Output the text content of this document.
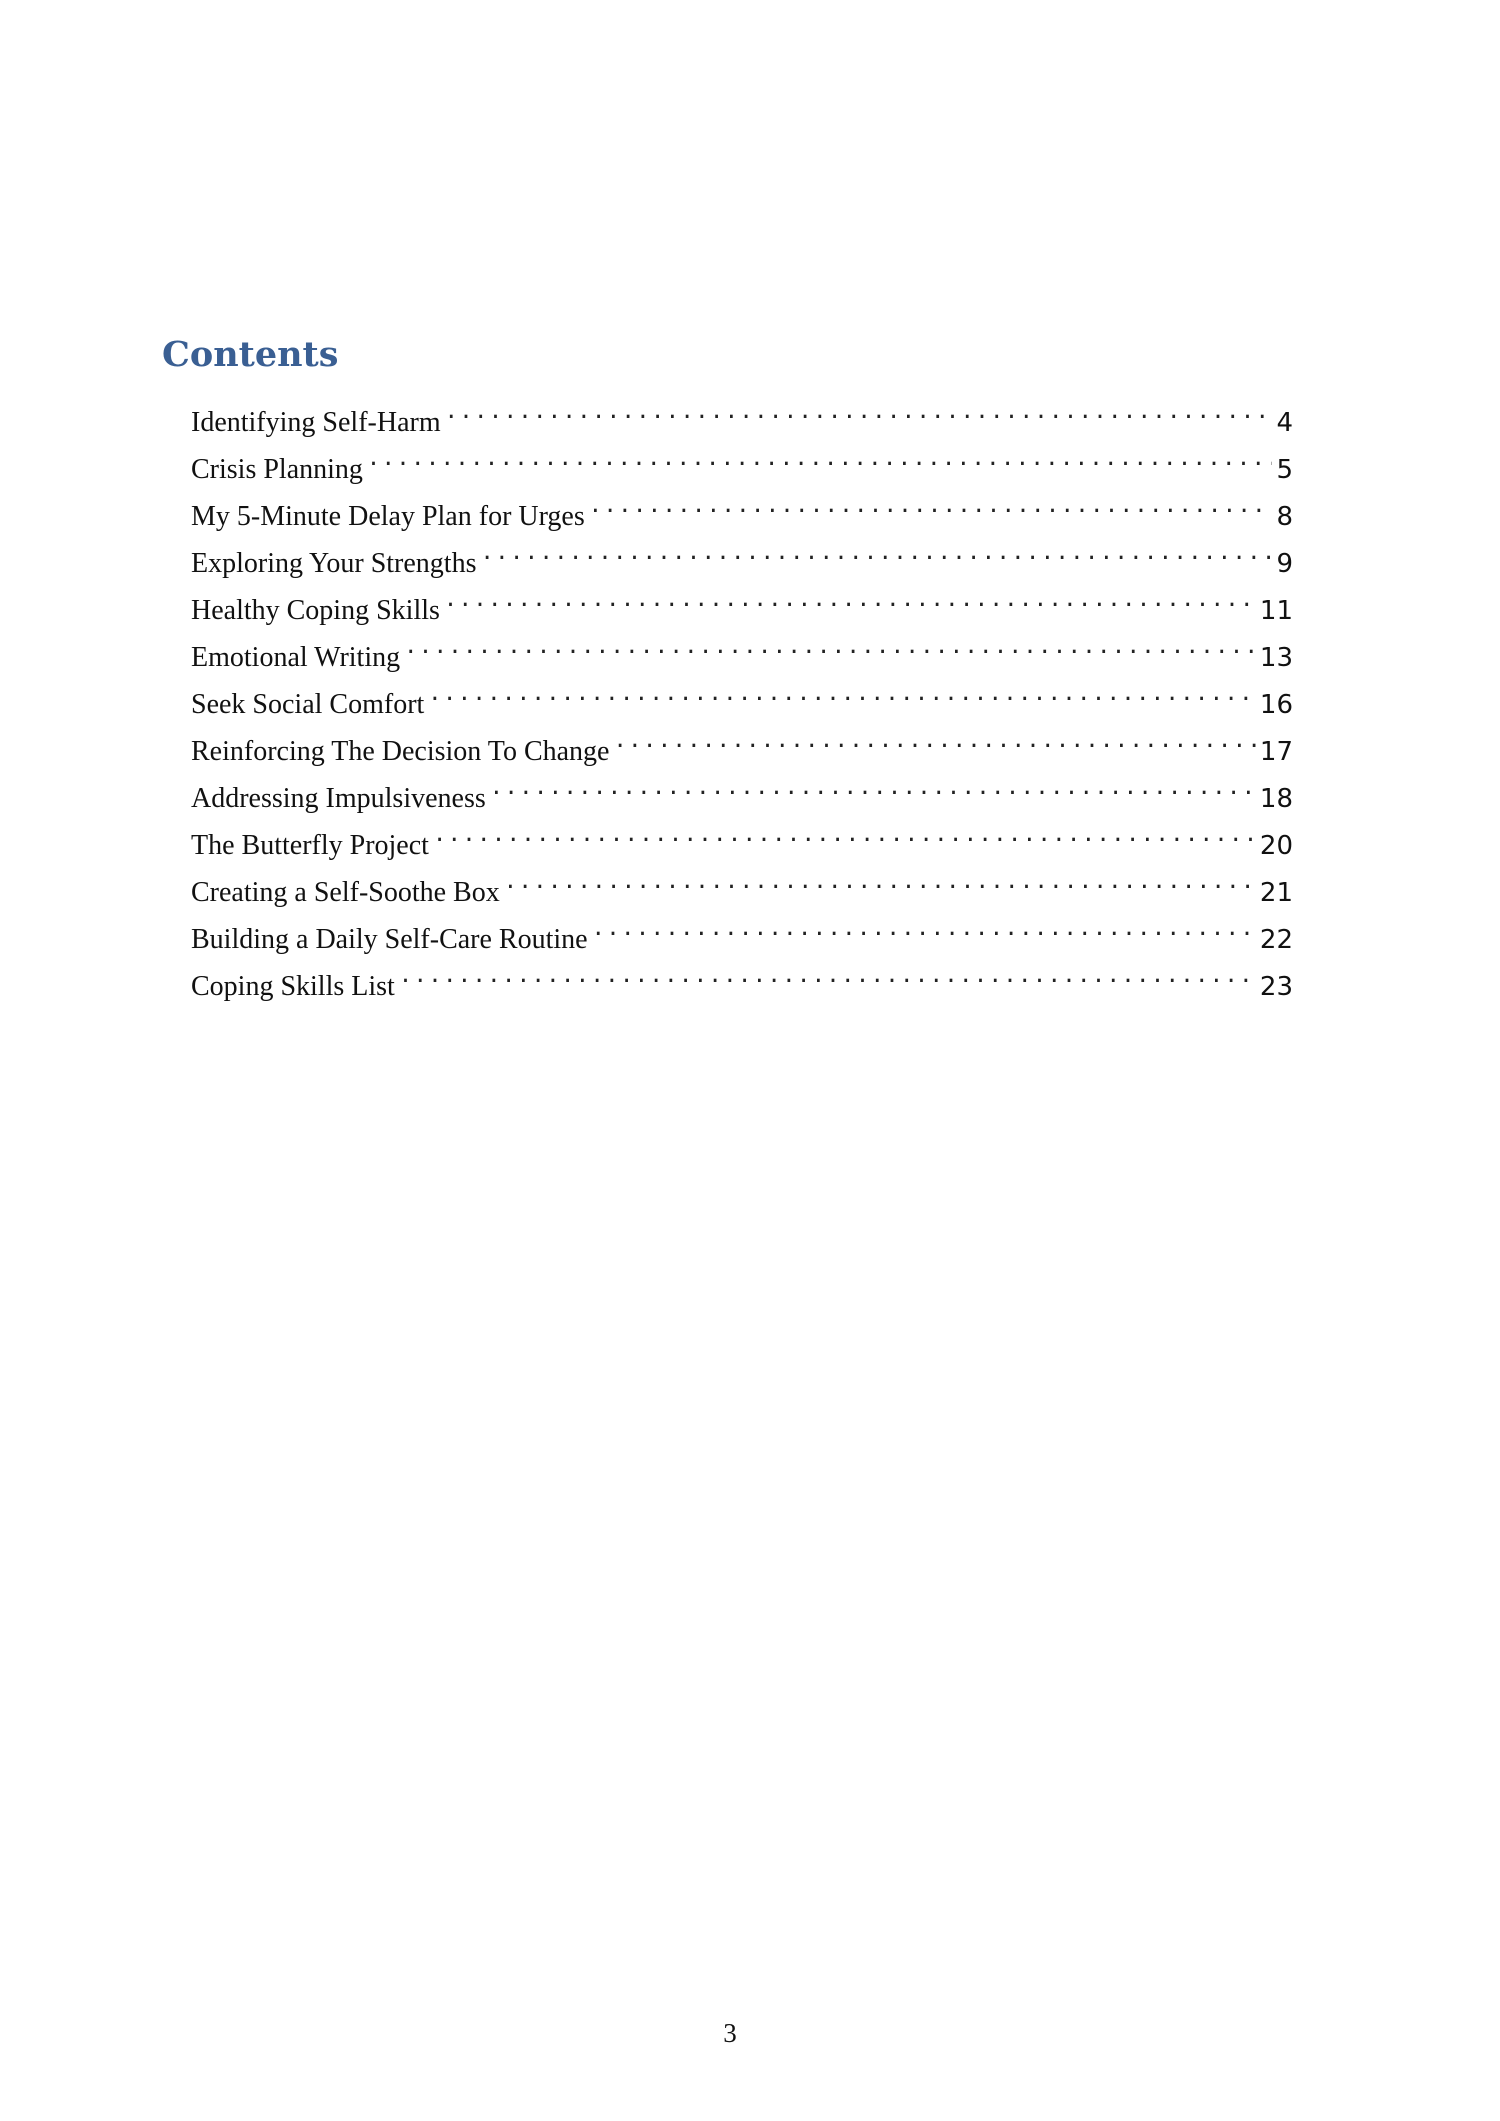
Contents
Identifying Self-Harm .....	4
Crisis Planning .....	5
My 5-Minute Delay Plan for Urges .....	8
Exploring Your Strengths .....	9
Healthy Coping Skills .....	11
Emotional Writing .....	13
Seek Social Comfort .....	16
Reinforcing The Decision To Change .....	17
Addressing Impulsiveness .....	18
The Butterfly Project .....	20
Creating a Self-Soothe Box .....	21
Building a Daily Self-Care Routine .....	22
Coping Skills List .....	23
3
